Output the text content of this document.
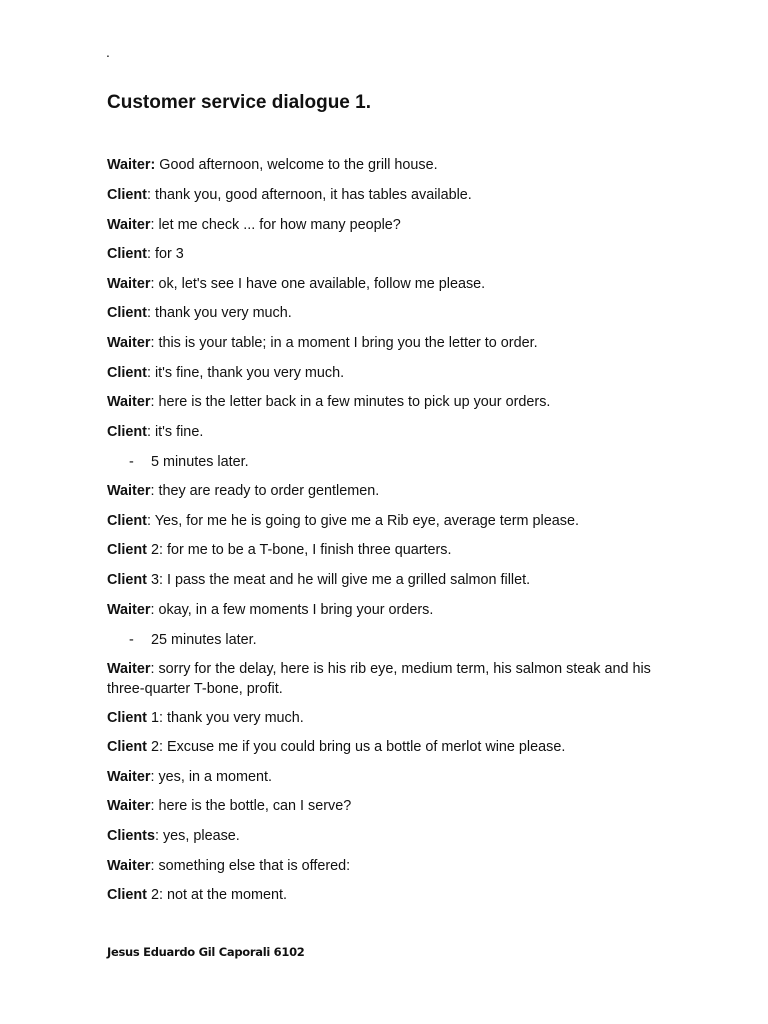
.
Customer service dialogue 1.
Waiter: Good afternoon, welcome to the grill house.
Client: thank you, good afternoon, it has tables available.
Waiter: let me check ... for how many people?
Client: for 3
Waiter: ok, let's see I have one available, follow me please.
Client: thank you very much.
Waiter: this is your table; in a moment I bring you the letter to order.
Client: it's fine, thank you very much.
Waiter: here is the letter back in a few minutes to pick up your orders.
Client: it's fine.
- 5 minutes later.
Waiter: they are ready to order gentlemen.
Client: Yes, for me he is going to give me a Rib eye, average term please.
Client 2: for me to be a T-bone, I finish three quarters.
Client 3: I pass the meat and he will give me a grilled salmon fillet.
Waiter: okay, in a few moments I bring your orders.
- 25 minutes later.
Waiter: sorry for the delay, here is his rib eye, medium term, his salmon steak and his three-quarter T-bone, profit.
Client 1: thank you very much.
Client 2: Excuse me if you could bring us a bottle of merlot wine please.
Waiter: yes, in a moment.
Waiter: here is the bottle, can I serve?
Clients: yes, please.
Waiter: something else that is offered:
Client 2: not at the moment.
Jesus Eduardo Gil Caporali 6102
